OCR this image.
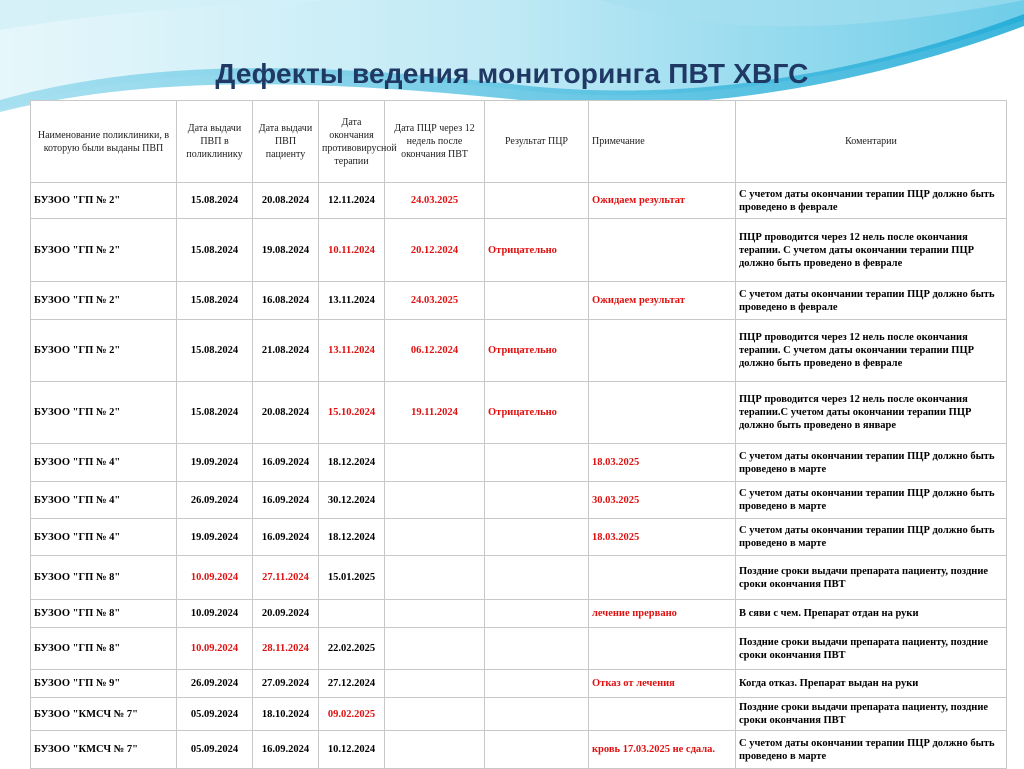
Дефекты ведения мониторинга ПВТ ХВГС
Наименование поликлиники, в которую были выданы ПВП	Дата выдачи ПВП в поликлинику	Дата выдачи ПВП пациенту	Дата окончания противовирусной терапии	Дата ПЦР через 12 недель после окончания ПВТ	Результат ПЦР	Примечание	Коментарии
БУЗОО "ГП № 2"	15.08.2024	20.08.2024	12.11.2024	24.03.2025		Ожидаем результат	С учетом даты окончании терапии ПЦР должно быть проведено в феврале
БУЗОО "ГП № 2"	15.08.2024	19.08.2024	10.11.2024	20.12.2024	Отрицательно		ПЦР проводится через 12 нель после окончания терапии. С учетом даты окончании терапии ПЦР должно быть проведено в феврале
БУЗОО "ГП № 2"	15.08.2024	16.08.2024	13.11.2024	24.03.2025		Ожидаем результат	С учетом даты окончании терапии ПЦР должно быть проведено в феврале
БУЗОО "ГП № 2"	15.08.2024	21.08.2024	13.11.2024	06.12.2024	Отрицательно		ПЦР проводится через 12 нель после окончания терапии. С учетом даты окончании терапии ПЦР должно быть проведено в феврале
БУЗОО "ГП № 2"	15.08.2024	20.08.2024	15.10.2024	19.11.2024	Отрицательно		ПЦР проводится через 12 нель после окончания терапии.С учетом даты окончании терапии ПЦР должно быть проведено в январе
БУЗОО "ГП № 4"	19.09.2024	16.09.2024	18.12.2024			18.03.2025	С учетом даты окончании терапии ПЦР должно быть проведено в марте
БУЗОО "ГП № 4"	26.09.2024	16.09.2024	30.12.2024			30.03.2025	С учетом даты окончании терапии ПЦР должно быть проведено в марте
БУЗОО "ГП № 4"	19.09.2024	16.09.2024	18.12.2024			18.03.2025	С учетом даты окончании терапии ПЦР должно быть проведено в марте
БУЗОО "ГП № 8"	10.09.2024	27.11.2024	15.01.2025				Поздние сроки выдачи препарата пациенту, поздние сроки окончания ПВТ
БУЗОО "ГП № 8"	10.09.2024	20.09.2024				лечение прервано	В сяви с чем. Препарат отдан на руки
БУЗОО "ГП № 8"	10.09.2024	28.11.2024	22.02.2025				Поздние сроки выдачи препарата пациенту, поздние сроки окончания ПВТ
БУЗОО "ГП № 9"	26.09.2024	27.09.2024	27.12.2024			Отказ от лечения	Когда отказ. Препарат выдан на руки
БУЗОО "КМСЧ № 7"	05.09.2024	18.10.2024	09.02.2025				Поздние сроки выдачи препарата пациенту, поздние сроки окончания ПВТ
БУЗОО "КМСЧ № 7"	05.09.2024	16.09.2024	10.12.2024			кровь 17.03.2025 не сдала.	С учетом даты окончании терапии ПЦР должно быть проведено в марте
